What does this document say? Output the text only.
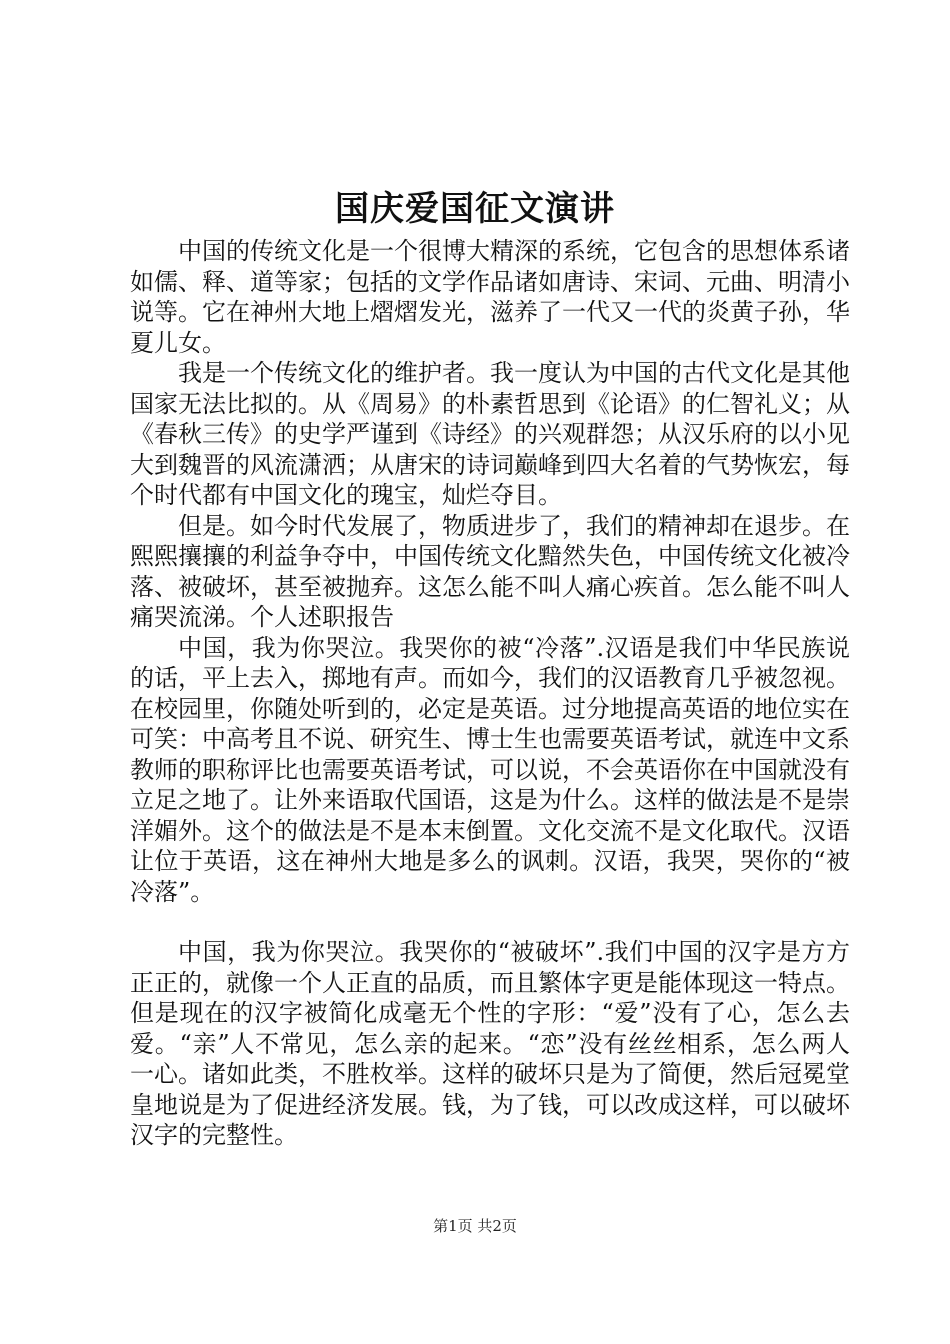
国庆爱国征文演讲

中国的传统文化是一个很博大精深的系统，它包含的思想体系诸如儒、释、道等家；包括的文学作品诸如唐诗、宋词、元曲、明清小说等。它在神州大地上熠熠发光，滋养了一代又一代的炎黄子孙，华夏儿女。

我是一个传统文化的维护者。我一度认为中国的古代文化是其他国家无法比拟的。从《周易》的朴素哲思到《论语》的仁智礼义；从《春秋三传》的史学严谨到《诗经》的兴观群怨；从汉乐府的以小见大到魏晋的风流潇洒；从唐宋的诗词巅峰到四大名着的气势恢宏，每个时代都有中国文化的瑰宝，灿烂夺目。

但是。如今时代发展了，物质进步了，我们的精神却在退步。在熙熙攘攘的利益争夺中，中国传统文化黯然失色，中国传统文化被冷落、被破坏，甚至被抛弃。这怎么能不叫人痛心疾首。怎么能不叫人痛哭流涕。个人述职报告

中国，我为你哭泣。我哭你的被“冷落”.汉语是我们中华民族说的话，平上去入，掷地有声。而如今，我们的汉语教育几乎被忽视。在校园里，你随处听到的，必定是英语。过分地提高英语的地位实在可笑：中高考且不说、研究生、博士生也需要英语考试，就连中文系教师的职称评比也需要英语考试，可以说，不会英语你在中国就没有立足之地了。让外来语取代国语，这是为什么。这样的做法是不是崇洋媚外。这个的做法是不是本末倒置。文化交流不是文化取代。汉语让位于英语，这在神州大地是多么的讽刺。汉语，我哭，哭你的“被冷落”。

中国，我为你哭泣。我哭你的“被破坏”.我们中国的汉字是方方正正的，就像一个人正直的品质，而且繁体字更是能体现这一特点。但是现在的汉字被简化成毫无个性的字形：“爱”没有了心，怎么去爱。“亲”人不常见，怎么亲的起来。“恋”没有丝丝相系，怎么两人一心。诸如此类，不胜枚举。这样的破坏只是为了简便，然后冠冕堂皇地说是为了促进经济发展。钱，为了钱，可以改成这样，可以破坏汉字的完整性。

第1页 共2页
